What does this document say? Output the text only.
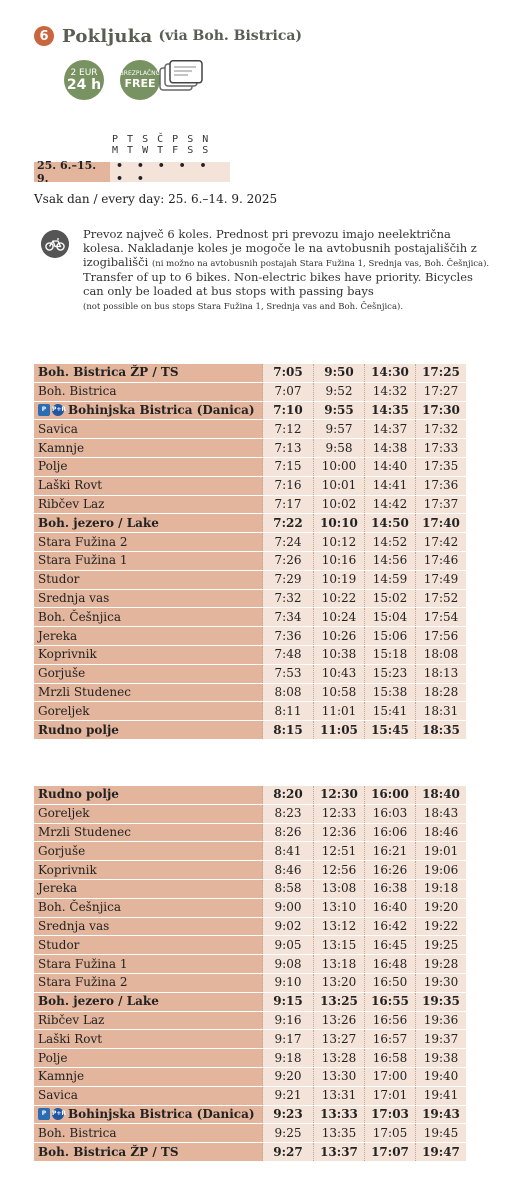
6 Pokljuka (via Boh. Bistrica)
2 EUR
24 h
BREZPLAČNO
FREE
P T S Č P S N
M T W T F S S
25. 6.–15. 9.
• • • • • • •
Vsak dan / every day: 25. 6.–14. 9. 2025

Prevoz največ 6 koles. Prednost pri prevozu imajo neelektrična kolesa. Nakladanje koles je mogoče le na avtobusnih postajališčih z izogibališči (ni možno na avtobusnih postajah Stara Fužina 1, Srednja vas, Boh. Češnjica).

Transfer of up to 6 bikes. Non-electric bikes have priority. Bicycles can only be loaded at bus stops with passing bays
(not possible on bus stops Stara Fužina 1, Srednja vas and Boh. Češnjica).

Boh. Bistrica ŽP / TS	7:05	9:50	14:30	17:25
Boh. Bistrica	7:07	9:52	14:32	17:27
P P+R Bohinjska Bistrica (Danica)	7:10	9:55	14:35	17:30
Savica	7:12	9:57	14:37	17:32
Kamnje	7:13	9:58	14:38	17:33
Polje	7:15	10:00	14:40	17:35
Laški Rovt	7:16	10:01	14:41	17:36
Ribčev Laz	7:17	10:02	14:42	17:37
Boh. jezero / Lake	7:22	10:10	14:50	17:40
Stara Fužina 2	7:24	10:12	14:52	17:42
Stara Fužina 1	7:26	10:16	14:56	17:46
Studor	7:29	10:19	14:59	17:49
Srednja vas	7:32	10:22	15:02	17:52
Boh. Češnjica	7:34	10:24	15:04	17:54
Jereka	7:36	10:26	15:06	17:56
Koprivnik	7:48	10:38	15:18	18:08
Gorjuše	7:53	10:43	15:23	18:13
Mrzli Studenec	8:08	10:58	15:38	18:28
Goreljek	8:11	11:01	15:41	18:31
Rudno polje	8:15	11:05	15:45	18:35
Rudno polje	8:20	12:30	16:00	18:40
Goreljek	8:23	12:33	16:03	18:43
Mrzli Studenec	8:26	12:36	16:06	18:46
Gorjuše	8:41	12:51	16:21	19:01
Koprivnik	8:46	12:56	16:26	19:06
Jereka	8:58	13:08	16:38	19:18
Boh. Češnjica	9:00	13:10	16:40	19:20
Srednja vas	9:02	13:12	16:42	19:22
Studor	9:05	13:15	16:45	19:25
Stara Fužina 1	9:08	13:18	16:48	19:28
Stara Fužina 2	9:10	13:20	16:50	19:30
Boh. jezero / Lake	9:15	13:25	16:55	19:35
Ribčev Laz	9:16	13:26	16:56	19:36
Laški Rovt	9:17	13:27	16:57	19:37
Polje	9:18	13:28	16:58	19:38
Kamnje	9:20	13:30	17:00	19:40
Savica	9:21	13:31	17:01	19:41
P P+R Bohinjska Bistrica (Danica)	9:23	13:33	17:03	19:43
Boh. Bistrica	9:25	13:35	17:05	19:45
Boh. Bistrica ŽP / TS	9:27	13:37	17:07	19:47
